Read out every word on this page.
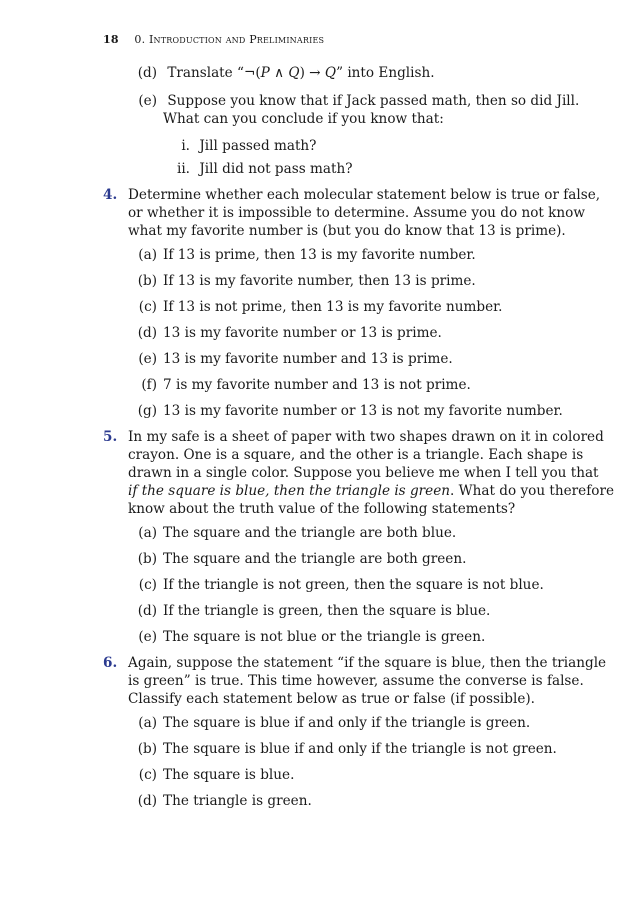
18 0. Introduction and Preliminaries
(d) Translate “¬(P ∧ Q) → Q” into English.
(e) Suppose you know that if Jack passed math, then so did Jill.
What can you conclude if you know that:
i. Jill passed math?
ii. Jill did not pass math?
4. Determine whether each molecular statement below is true or false,
or whether it is impossible to determine. Assume you do not know
what my favorite number is (but you do know that 13 is prime).
(a) If 13 is prime, then 13 is my favorite number.
(b) If 13 is my favorite number, then 13 is prime.
(c) If 13 is not prime, then 13 is my favorite number.
(d) 13 is my favorite number or 13 is prime.
(e) 13 is my favorite number and 13 is prime.
(f) 7 is my favorite number and 13 is not prime.
(g) 13 is my favorite number or 13 is not my favorite number.
5. In my safe is a sheet of paper with two shapes drawn on it in colored
crayon. One is a square, and the other is a triangle. Each shape is
drawn in a single color. Suppose you believe me when I tell you that
if the square is blue, then the triangle is green. What do you therefore
know about the truth value of the following statements?
(a) The square and the triangle are both blue.
(b) The square and the triangle are both green.
(c) If the triangle is not green, then the square is not blue.
(d) If the triangle is green, then the square is blue.
(e) The square is not blue or the triangle is green.
6. Again, suppose the statement “if the square is blue, then the triangle
is green” is true. This time however, assume the converse is false.
Classify each statement below as true or false (if possible).
(a) The square is blue if and only if the triangle is green.
(b) The square is blue if and only if the triangle is not green.
(c) The square is blue.
(d) The triangle is green.
